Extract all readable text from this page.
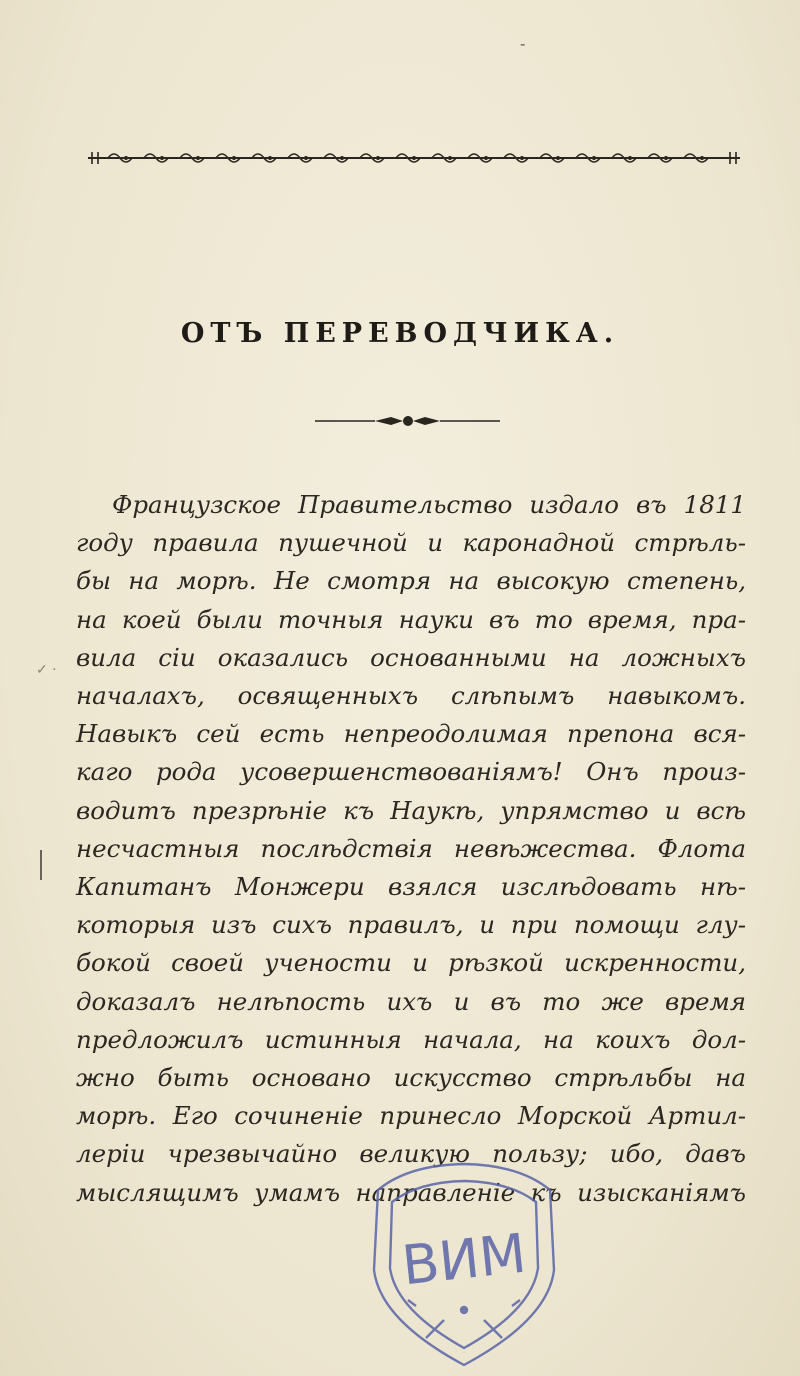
-
ОТЪ ПЕРЕВОДЧИКА.
✓ ·
Французское Правительство издало въ 1811
году правила пушечной и каронадной стрѣль-
бы на морѣ. Не смотря на высокую степень,
на коей были точныя науки въ то время, пра-
вила сіи оказались основанными на ложныхъ
началахъ, освященныхъ слѣпымъ навыкомъ.
Навыкъ сей есть непреодолимая препона вся-
каго рода усовершенствованіямъ! Онъ произ-
водитъ презрѣніе къ Наукѣ, упрямство и всѣ
несчастныя послѣдствія невѣжества. Флота
Капитанъ Монжери взялся изслѣдовать нѣ-
которыя изъ сихъ правилъ, и при помощи глу-
бокой своей учености и рѣзкой искренности,
доказалъ нелѣпость ихъ и въ то же время
предложилъ истинныя начала, на коихъ дол-
жно быть основано искусство стрѣльбы на
морѣ. Его сочиненіе принесло Морской Артил-
леріи чрезвычайно великую пользу; ибо, давъ
мыслящимъ умамъ направленіе къ изысканіямъ
ВИМ
